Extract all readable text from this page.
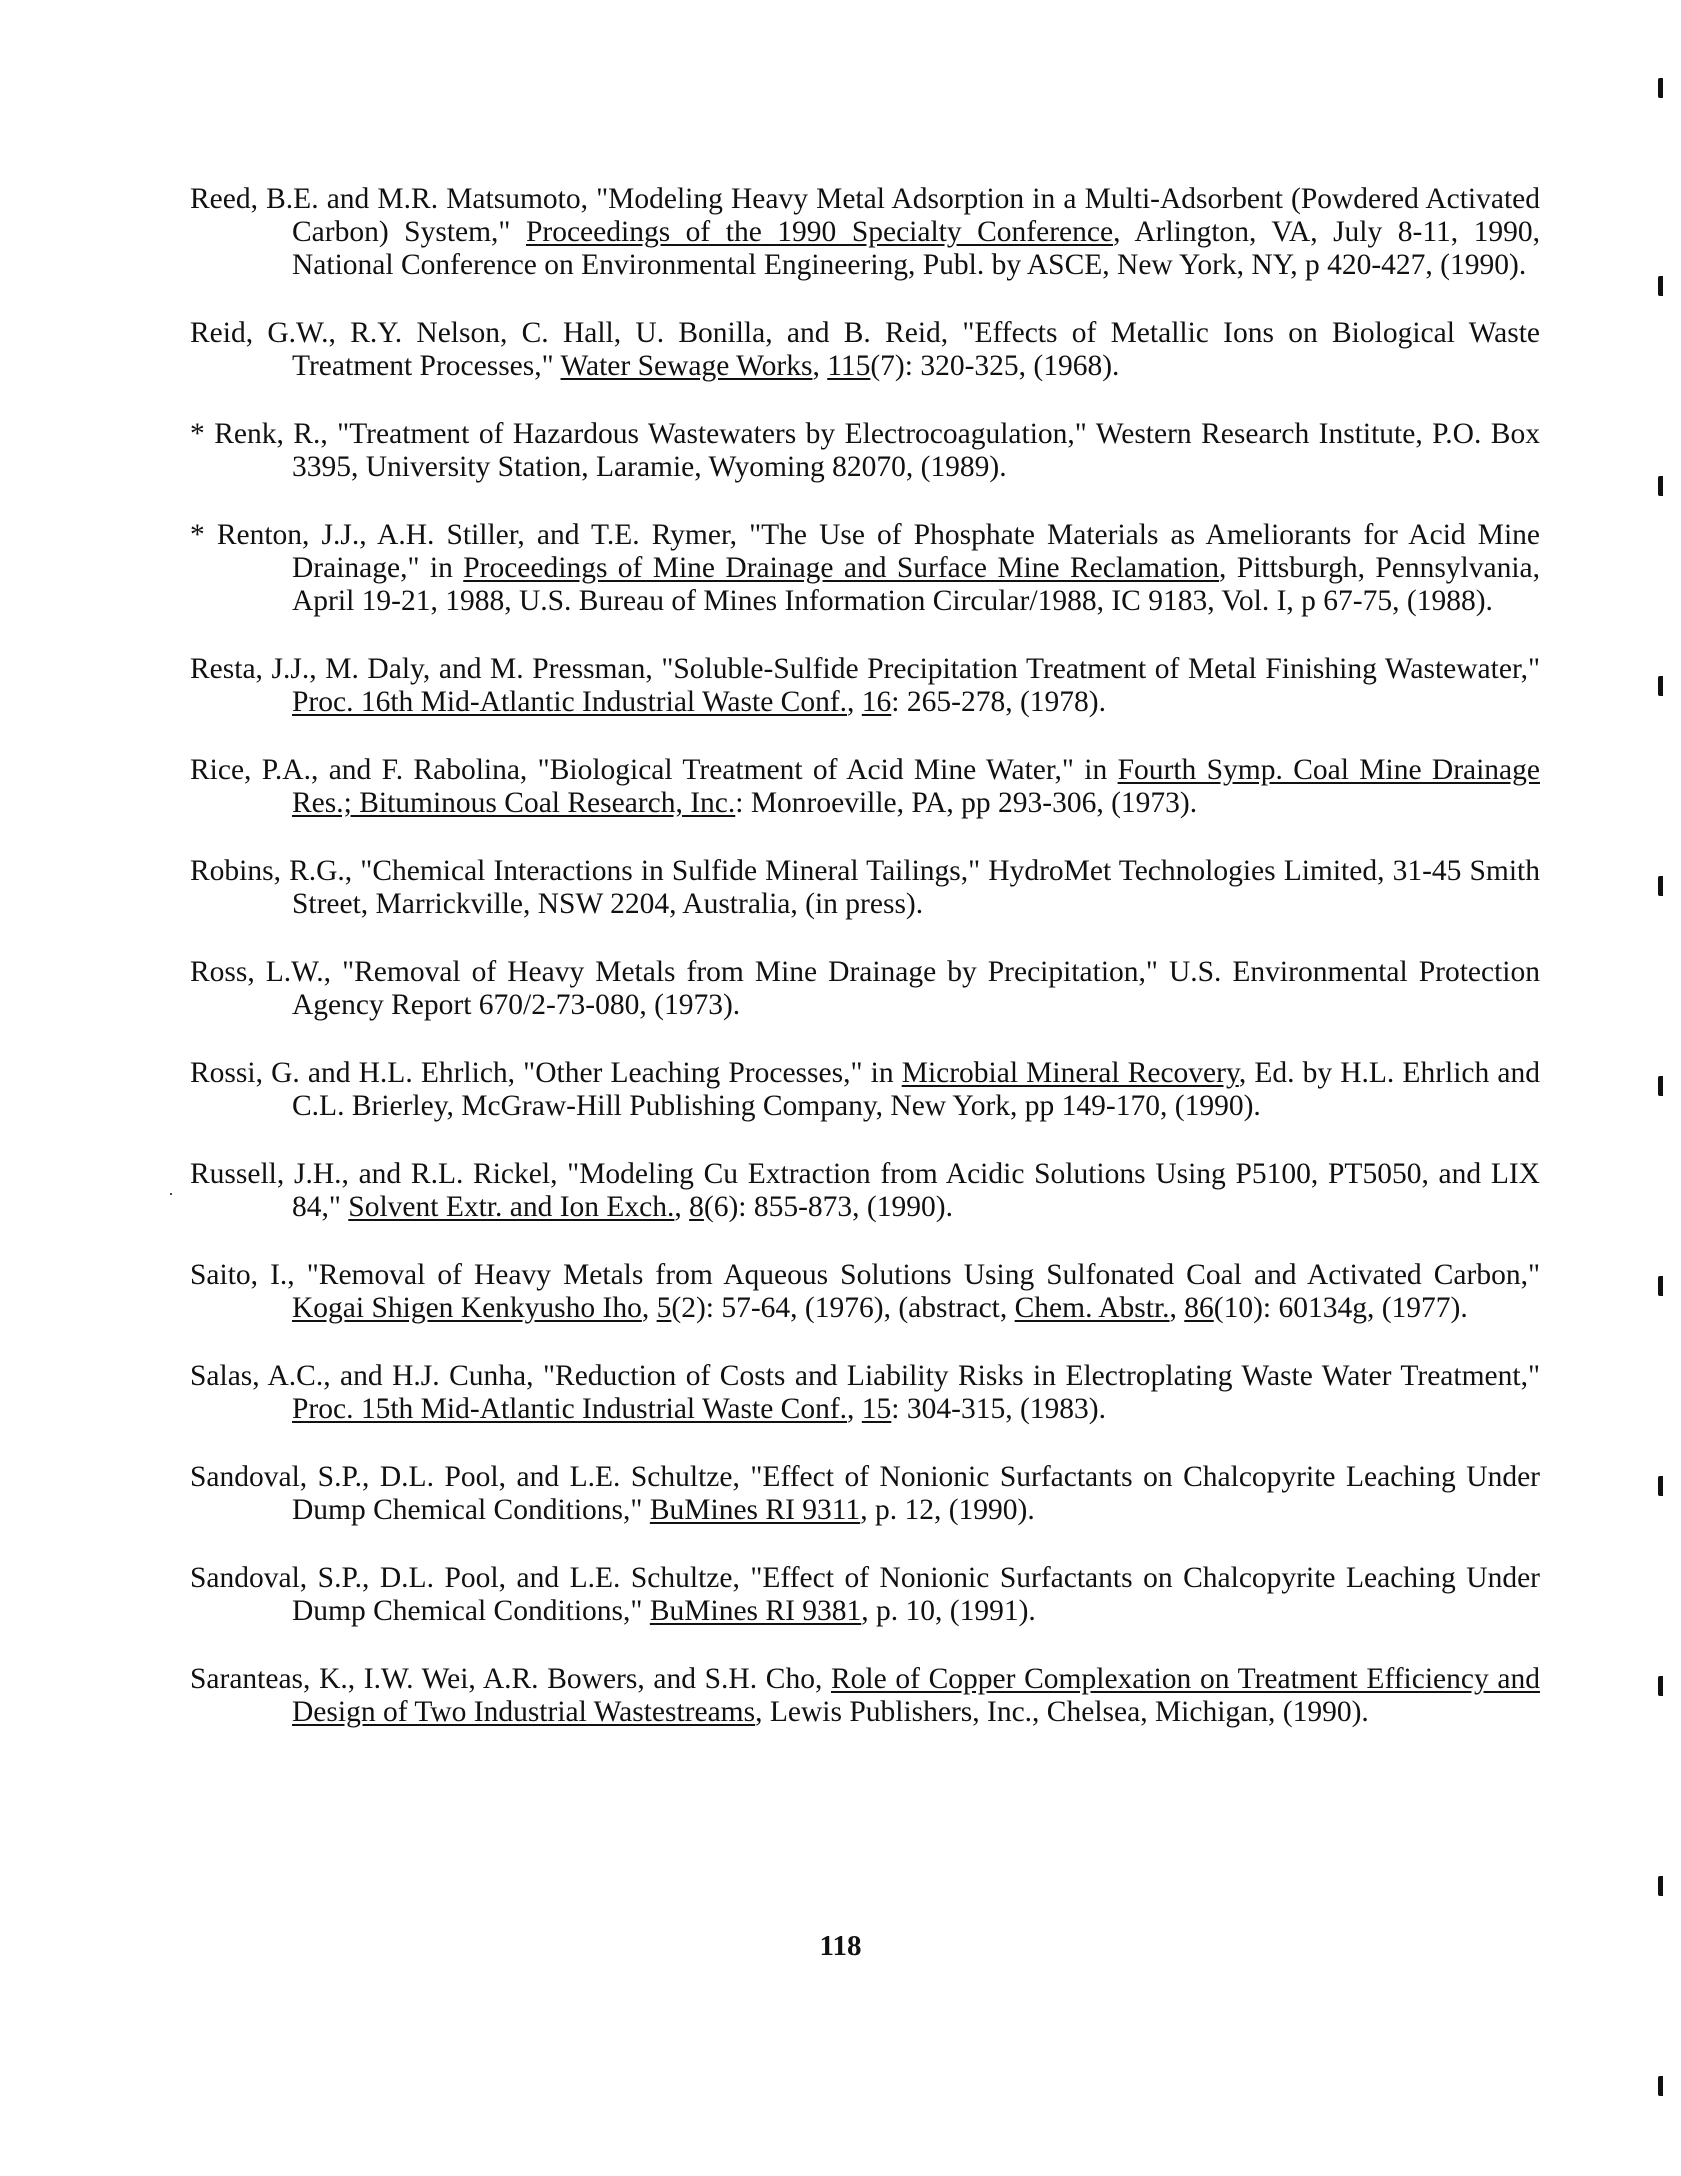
Reed, B.E. and M.R. Matsumoto, "Modeling Heavy Metal Adsorption in a Multi-Adsorbent (Powdered Activated Carbon) System," Proceedings of the 1990 Specialty Conference, Arlington, VA, July 8-11, 1990, National Conference on Environmental Engineering, Publ. by ASCE, New York, NY, p 420-427, (1990).

Reid, G.W., R.Y. Nelson, C. Hall, U. Bonilla, and B. Reid, "Effects of Metallic Ions on Biological Waste Treatment Processes," Water Sewage Works, 115(7): 320-325, (1968).

* Renk, R., "Treatment of Hazardous Wastewaters by Electrocoagulation," Western Research Institute, P.O. Box 3395, University Station, Laramie, Wyoming 82070, (1989).

* Renton, J.J., A.H. Stiller, and T.E. Rymer, "The Use of Phosphate Materials as Ameliorants for Acid Mine Drainage," in Proceedings of Mine Drainage and Surface Mine Reclamation, Pittsburgh, Pennsylvania, April 19-21, 1988, U.S. Bureau of Mines Information Circular/1988, IC 9183, Vol. I, p 67-75, (1988).

Resta, J.J., M. Daly, and M. Pressman, "Soluble-Sulfide Precipitation Treatment of Metal Finishing Wastewater," Proc. 16th Mid-Atlantic Industrial Waste Conf., 16: 265-278, (1978).

Rice, P.A., and F. Rabolina, "Biological Treatment of Acid Mine Water," in Fourth Symp. Coal Mine Drainage Res.; Bituminous Coal Research, Inc.: Monroeville, PA, pp 293-306, (1973).

Robins, R.G., "Chemical Interactions in Sulfide Mineral Tailings," HydroMet Technologies Limited, 31-45 Smith Street, Marrickville, NSW 2204, Australia, (in press).

Ross, L.W., "Removal of Heavy Metals from Mine Drainage by Precipitation," U.S. Environmental Protection Agency Report 670/2-73-080, (1973).

Rossi, G. and H.L. Ehrlich, "Other Leaching Processes," in Microbial Mineral Recovery, Ed. by H.L. Ehrlich and C.L. Brierley, McGraw-Hill Publishing Company, New York, pp 149-170, (1990).

Russell, J.H., and R.L. Rickel, "Modeling Cu Extraction from Acidic Solutions Using P5100, PT5050, and LIX 84," Solvent Extr. and Ion Exch., 8(6): 855-873, (1990).

Saito, I., "Removal of Heavy Metals from Aqueous Solutions Using Sulfonated Coal and Activated Carbon," Kogai Shigen Kenkyusho Iho, 5(2): 57-64, (1976), (abstract, Chem. Abstr., 86(10): 60134g, (1977).

Salas, A.C., and H.J. Cunha, "Reduction of Costs and Liability Risks in Electroplating Waste Water Treatment," Proc. 15th Mid-Atlantic Industrial Waste Conf., 15: 304-315, (1983).

Sandoval, S.P., D.L. Pool, and L.E. Schultze, "Effect of Nonionic Surfactants on Chalcopyrite Leaching Under Dump Chemical Conditions," BuMines RI 9311, p. 12, (1990).

Sandoval, S.P., D.L. Pool, and L.E. Schultze, "Effect of Nonionic Surfactants on Chalcopyrite Leaching Under Dump Chemical Conditions," BuMines RI 9381, p. 10, (1991).

Saranteas, K., I.W. Wei, A.R. Bowers, and S.H. Cho, Role of Copper Complexation on Treatment Efficiency and Design of Two Industrial Wastestreams, Lewis Publishers, Inc., Chelsea, Michigan, (1990).

118
